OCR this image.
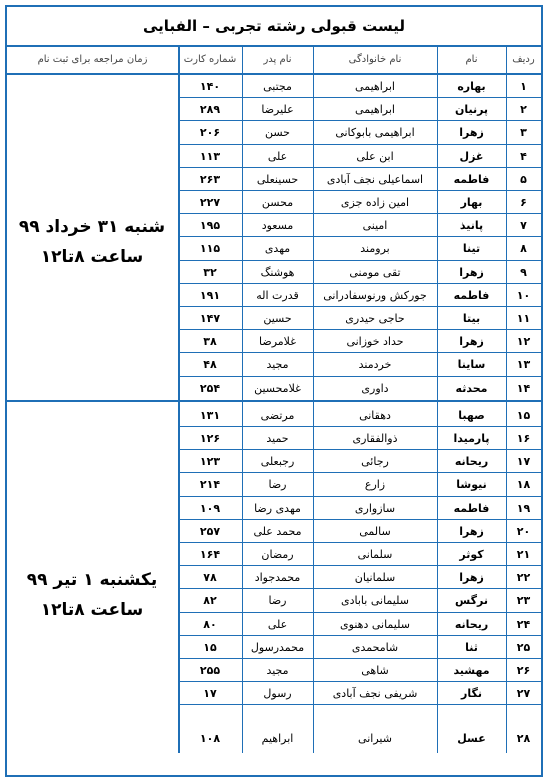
لیست قبولی رشته تجربی – الفبایی
ردیف
نام
نام خانوادگی
نام پدر
شماره کارت
زمان مراجعه برای ثبت نام
شنبه ۳۱ خرداد ۹۹
ساعت ۸تا۱۲
یکشنبه ۱ تیر ۹۹
ساعت ۸تا۱۲
۱
بهاره
ابراهیمی
مجتبی
۱۴۰
۲
پرنیان
ابراهیمی
علیرضا
۲۸۹
۳
زهرا
ابراهیمی بابوکانی
حسن
۲۰۶
۴
غزل
ابن علی
علی
۱۱۳
۵
فاطمه
اسماعیلی نجف آبادی
حسینعلی
۲۶۳
۶
بهار
امین زاده جزی
محسن
۲۲۷
۷
پانیذ
امینی
مسعود
۱۹۵
۸
تینا
برومند
مهدی
۱۱۵
۹
زهرا
تقی مومنی
هوشنگ
۳۲
۱۰
فاطمه
جورکش ورنوسفادرانی
قدرت اله
۱۹۱
۱۱
بیتا
حاجی حیدری
حسین
۱۴۷
۱۲
زهرا
حداد خوزانی
غلامرضا
۳۸
۱۳
ساینا
خردمند
مجید
۴۸
۱۴
محدثه
داوری
غلامحسین
۲۵۴
۱۵
صهبا
دهقانی
مرتضی
۱۳۱
۱۶
پارمیدا
ذوالفقاری
حمید
۱۲۶
۱۷
ریحانه
رجائی
رجبعلی
۱۲۳
۱۸
نیوشا
زارع
رضا
۲۱۴
۱۹
فاطمه
سازواری
مهدی رضا
۱۰۹
۲۰
زهرا
سالمی
محمد علی
۲۵۷
۲۱
کوثر
سلمانی
رمضان
۱۶۴
۲۲
زهرا
سلمانیان
محمدجواد
۷۸
۲۳
نرگس
سلیمانی بابادی
رضا
۸۲
۲۴
ریحانه
سلیمانی دهنوی
علی
۸۰
۲۵
ثنا
شامحمدی
محمدرسول
۱۵
۲۶
مهشید
شاهی
مجید
۲۵۵
۲۷
نگار
شریفی نجف آبادی
رسول
۱۷
۲۸
عسل
شیرانی
ابراهیم
۱۰۸
